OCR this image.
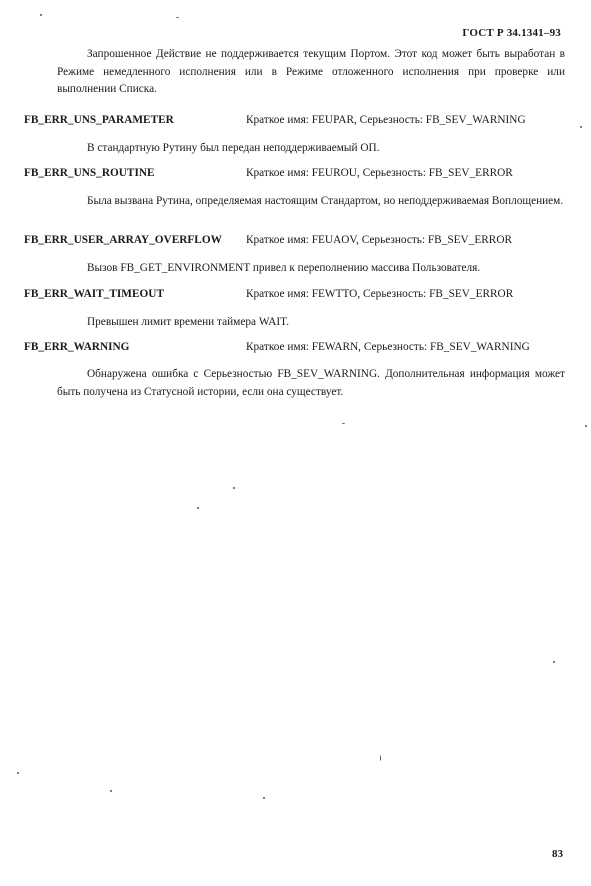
ГОСТ Р 34.1341–93
Запрошенное Действие не поддерживается текущим Портом. Этот код может быть выработан в Режиме немедленного исполнения или в Режиме отложенного исполнения при проверке или выполнении Списка.
FB_ERR_UNS_PARAMETER	Краткое имя: FEUPAR, Серьезность: FB_SEV_WARNING
В стандартную Рутину был передан неподдерживаемый ОП.
FB_ERR_UNS_ROUTINE	Краткое имя: FEUROU, Серьезность: FB_SEV_ERROR
Была вызвана Рутина, определяемая настоящим Стандартом, но неподдерживаемая Воплощением.
FB_ERR_USER_ARRAY_OVERFLOW Краткое имя: FEUAOV, Серьезность: FB_SEV_ERROR
Вызов FB_GET_ENVIRONMENT привел к переполнению массива Пользователя.
FB_ERR_WAIT_TIMEOUT	Краткое имя: FEWTTO, Серьезность: FB_SEV_ERROR
Превышен лимит времени таймера WAIT.
FB_ERR_WARNING	Краткое имя: FEWARN, Серьезность: FB_SEV_WARNING
Обнаружена ошибка с Серьезностью FB_SEV_WARNING. Дополнительная информация может быть получена из Статусной истории, если она существует.
83
